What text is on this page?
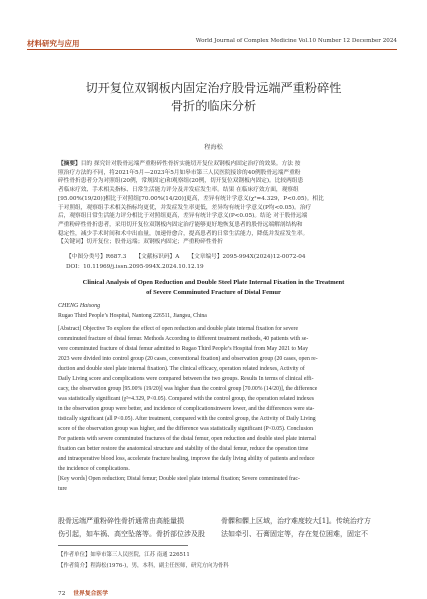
材料研究与应用	World Journal of Complex Medicine Vol.10 Number 12 December 2024
切开复位双钢板内固定治疗股骨远端严重粉碎性
骨折的临床分析
程海松
【摘要】目的 探究针对股骨远端严重粉碎性骨折实施切开复位双钢板内固定治疗的效果。方法 按
照治疗方法的不同，将2021年5月—2023年5月如皋市第三人民医院接诊的40例股骨远端严重粉
碎性骨折患者分为对照组(20例，常规固定)和观察组(20例，切开复位双钢板内固定)。比较两组患
者临床疗效、手术相关指标、日常生活能力评分及并发症发生率。结果 在临床疗效方面，观察组
[95.00%(19/20)]相比于对照组[70.00%(14/20)]更高，差异有统计学意义(χ²=4.329，P<0.05)。相比
于对照组，观察组手术相关指标均更优，并发症发生率更低，差异均有统计学意义(P均<0.05)。治疗
后，观察组日常生活能力评分相比于对照组更高，差异有统计学意义(P<0.05)。结论 对于股骨远端
严重粉碎性骨折患者，采用切开复位双钢板内固定治疗能够更好地恢复患者的股骨远端解剖结构和
稳定性，减少手术时间和术中出血量，加速骨愈合，提高患者的日常生活能力，降低并发症发生率。
【关键词】切开复位；股骨远端；双钢板内固定；严重粉碎性骨折
【中图分类号】R687.3 【文献标识码】A 【文章编号】2095-994X(2024)12-0072-04
DOI：10.11969/j.issn.2095-994X.2024.10.12.19
Clinical Analysis of Open Reduction and Double Steel Plate Internal Fixation in the Treatment
of Severe Comminuted Fracture of Distal Femur
CHENG Haisong
Rugao Third People’s Hospital, Nantong 226511, Jiangsu, China
[Abstract] Objective To explore the effect of open reduction and double plate internal fixation for severe
comminuted fracture of distal femur. Methods According to different treatment methods, 40 patients with se-
vere comminuted fracture of distal femur admitted to Rugao Third People’s Hospital from May 2021 to May
2023 were divided into control group (20 cases, conventional fixation) and observation group (20 cases, open re-
duction and double steel plate internal fixation). The clinical efficacy, operation related indexes, Activity of
Daily Living score and complications were compared between the two groups. Results In terms of clinical effi-
cacy, the observation group [95.00% (19/20)] was higher than the control group [70.00% (14/20)], the difference
was statistically significant (χ²=4.329, P<0.05). Compared with the control group, the operation related indexes
in the observation group were better, and incidence of complicationsinwere lower, and the differences were sta-
tistically significant (all P<0.05). After treatment, compared with the control group, the Activity of Daily Living
score of the observation group was higher, and the difference was statistically significant (P<0.05). Conclusion
For patients with severe comminuted fractures of the distal femur, open reduction and double steel plate internal
fixation can better restore the anatomical structure and stability of the distal femur, reduce the operation time
and intraoperative blood loss, accelerate fracture healing, improve the daily living ability of patients and reduce
the incidence of complications.
[Key words] Open reduction; Distal femur; Double steel plate internal fixation; Severe comminuted frac-
ture
股骨远端严重粉碎性骨折通常由高能量损
伤引起，如车祸、高空坠落等。骨折部位涉及股
骨髁和髁上区域，治疗难度较大[1]。传统治疗方
法如牵引、石膏固定等，存在复位困难，固定不
【作者单位】如皋市第三人民医院，江苏 南通 226511
【作者简介】程海松(1976-)，男，本科，副主任医师，研究方向为骨科
72 世界复合医学
